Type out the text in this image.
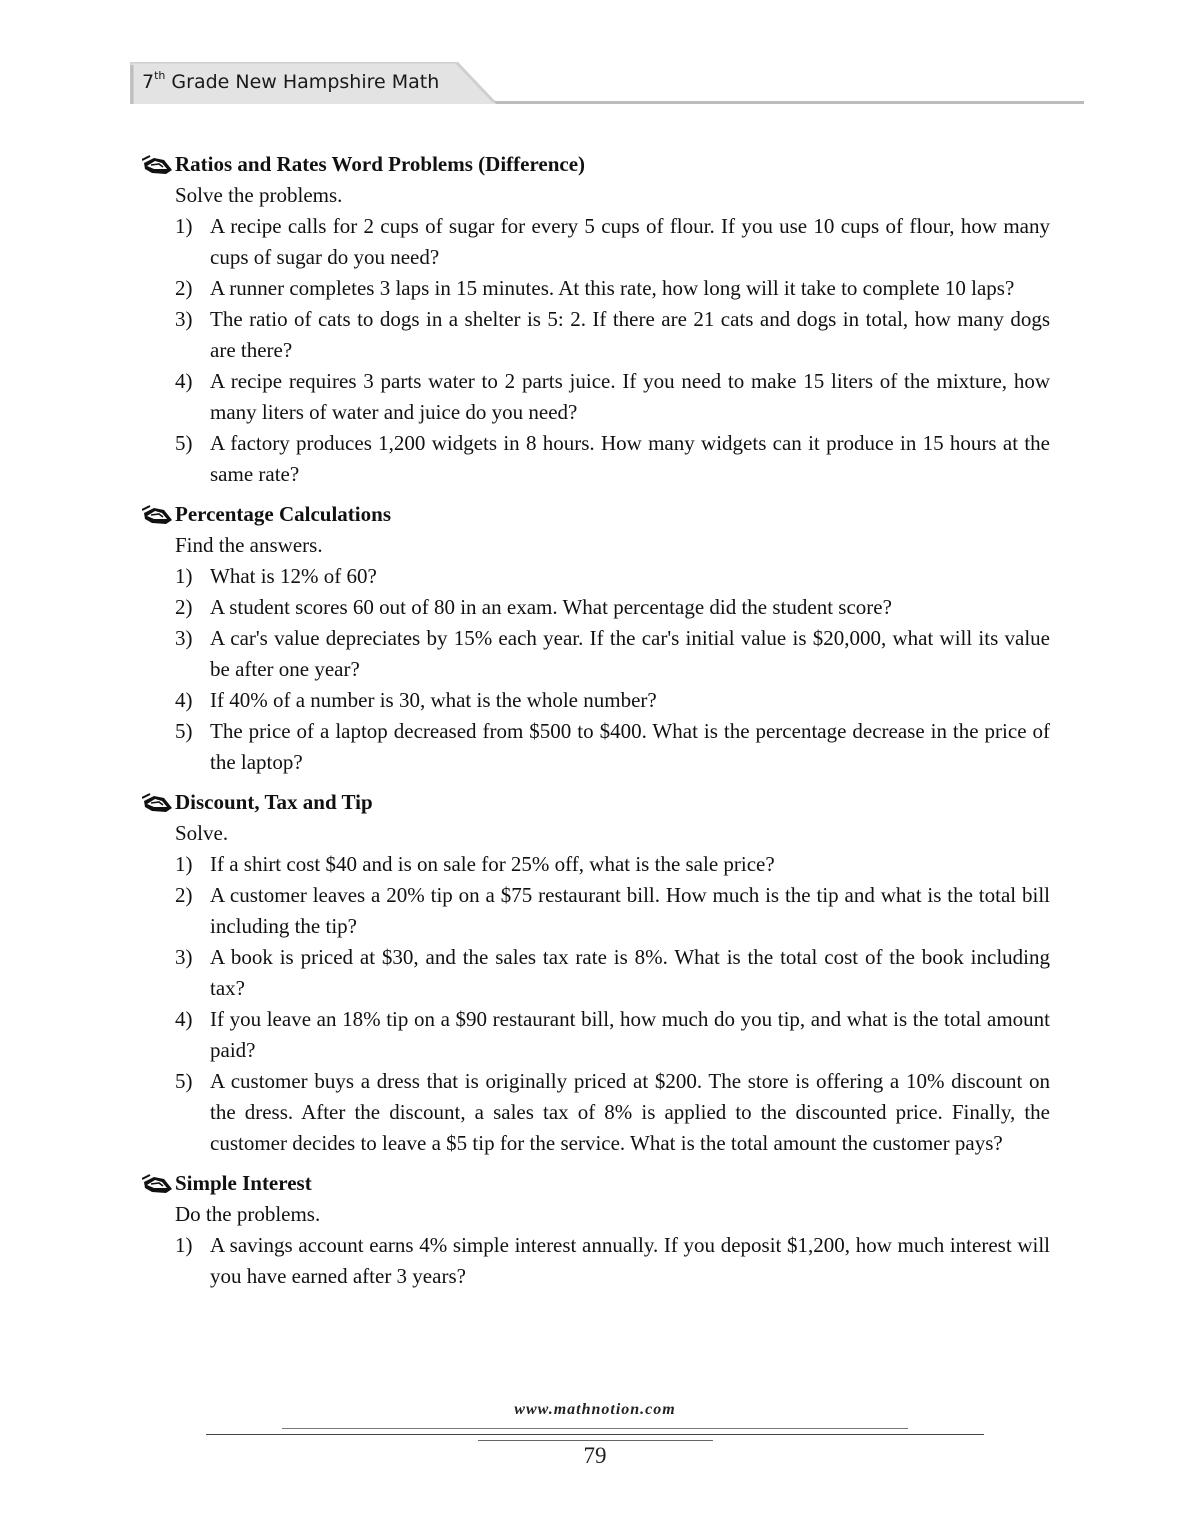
7th Grade New Hampshire Math
Ratios and Rates Word Problems (Difference)
Solve the problems.
1) A recipe calls for 2 cups of sugar for every 5 cups of flour. If you use 10 cups of flour, how many cups of sugar do you need?
2) A runner completes 3 laps in 15 minutes. At this rate, how long will it take to complete 10 laps?
3) The ratio of cats to dogs in a shelter is 5: 2. If there are 21 cats and dogs in total, how many dogs are there?
4) A recipe requires 3 parts water to 2 parts juice. If you need to make 15 liters of the mixture, how many liters of water and juice do you need?
5) A factory produces 1,200 widgets in 8 hours. How many widgets can it produce in 15 hours at the same rate?
Percentage Calculations
Find the answers.
1) What is 12% of 60?
2) A student scores 60 out of 80 in an exam. What percentage did the student score?
3) A car's value depreciates by 15% each year. If the car's initial value is $20,000, what will its value be after one year?
4) If 40% of a number is 30, what is the whole number?
5) The price of a laptop decreased from $500 to $400. What is the percentage decrease in the price of the laptop?
Discount, Tax and Tip
Solve.
1) If a shirt cost $40 and is on sale for 25% off, what is the sale price?
2) A customer leaves a 20% tip on a $75 restaurant bill. How much is the tip and what is the total bill including the tip?
3) A book is priced at $30, and the sales tax rate is 8%. What is the total cost of the book including tax?
4) If you leave an 18% tip on a $90 restaurant bill, how much do you tip, and what is the total amount paid?
5) A customer buys a dress that is originally priced at $200. The store is offering a 10% discount on the dress. After the discount, a sales tax of 8% is applied to the discounted price. Finally, the customer decides to leave a $5 tip for the service. What is the total amount the customer pays?
Simple Interest
Do the problems.
1) A savings account earns 4% simple interest annually. If you deposit $1,200, how much interest will you have earned after 3 years?
www.mathnotion.com
79
